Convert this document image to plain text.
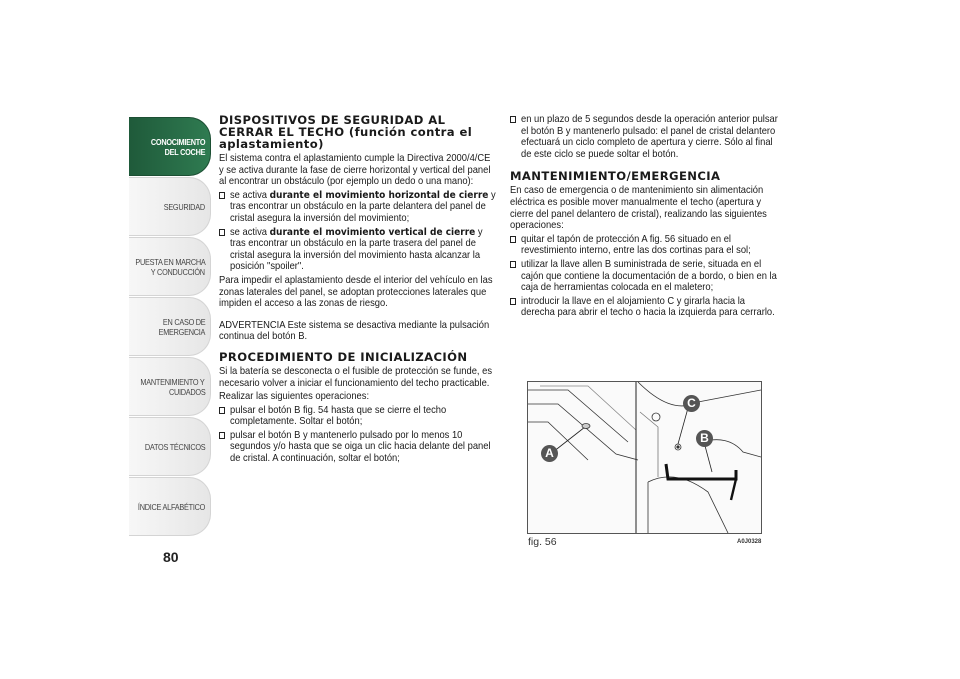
CONOCIMIENTO
DEL COCHE
SEGURIDAD
PUESTA EN MARCHA
Y CONDUCCIÓN
EN CASO DE
EMERGENCIA
MANTENIMIENTO Y
CUIDADOS
DATOS TÉCNICOS
ÍNDICE ALFABÉTICO
80
DISPOSITIVOS DE SEGURIDAD AL CERRAR EL TECHO (función contra el aplastamiento)

El sistema contra el aplastamiento cumple la Directiva 2000/4/CE y se activa durante la fase de cierre horizontal y vertical del panel al encontrar un obstáculo (por ejemplo un dedo o una mano):

se activa durante el movimiento horizontal de cierre y tras encontrar un obstáculo en la parte delantera del panel de cristal asegura la inversión del movimiento;
se activa durante el movimiento vertical de cierre y tras encontrar un obstáculo en la parte trasera del panel de cristal asegura la inversión del movimiento hasta alcanzar la posición "spoiler".

Para impedir el aplastamiento desde el interior del vehículo en las zonas laterales del panel, se adoptan protecciones laterales que impiden el acceso a las zonas de riesgo.

ADVERTENCIA Este sistema se desactiva mediante la pulsación continua del botón B.

PROCEDIMIENTO DE INICIALIZACIÓN

Si la batería se desconecta o el fusible de protección se funde, es necesario volver a iniciar el funcionamiento del techo practicable.

Realizar las siguientes operaciones:

pulsar el botón B fig. 54 hasta que se cierre el techo completamente. Soltar el botón;
pulsar el botón B y mantenerlo pulsado por lo menos 10 segundos y/o hasta que se oiga un clic hacia delante del panel de cristal. A continuación, soltar el botón;
en un plazo de 5 segundos desde la operación anterior pulsar el botón B y mantenerlo pulsado: el panel de cristal delantero efectuará un ciclo completo de apertura y cierre. Sólo al final de este ciclo se puede soltar el botón.
MANTENIMIENTO/EMERGENCIA

En caso de emergencia o de mantenimiento sin alimentación eléctrica es posible mover manualmente el techo (apertura y cierre del panel delantero de cristal), realizando las siguientes operaciones:

quitar el tapón de protección A fig. 56 situado en el revestimiento interno, entre las dos cortinas para el sol;
utilizar la llave allen B suministrada de serie, situada en el cajón que contiene la documentación de a bordo, o bien en la caja de herramientas colocada en el maletero;
introducir la llave en el alojamiento C y girarla hacia la derecha para abrir el techo o hacia la izquierda para cerrarlo.
A
C
B
fig. 56	A0J0328
